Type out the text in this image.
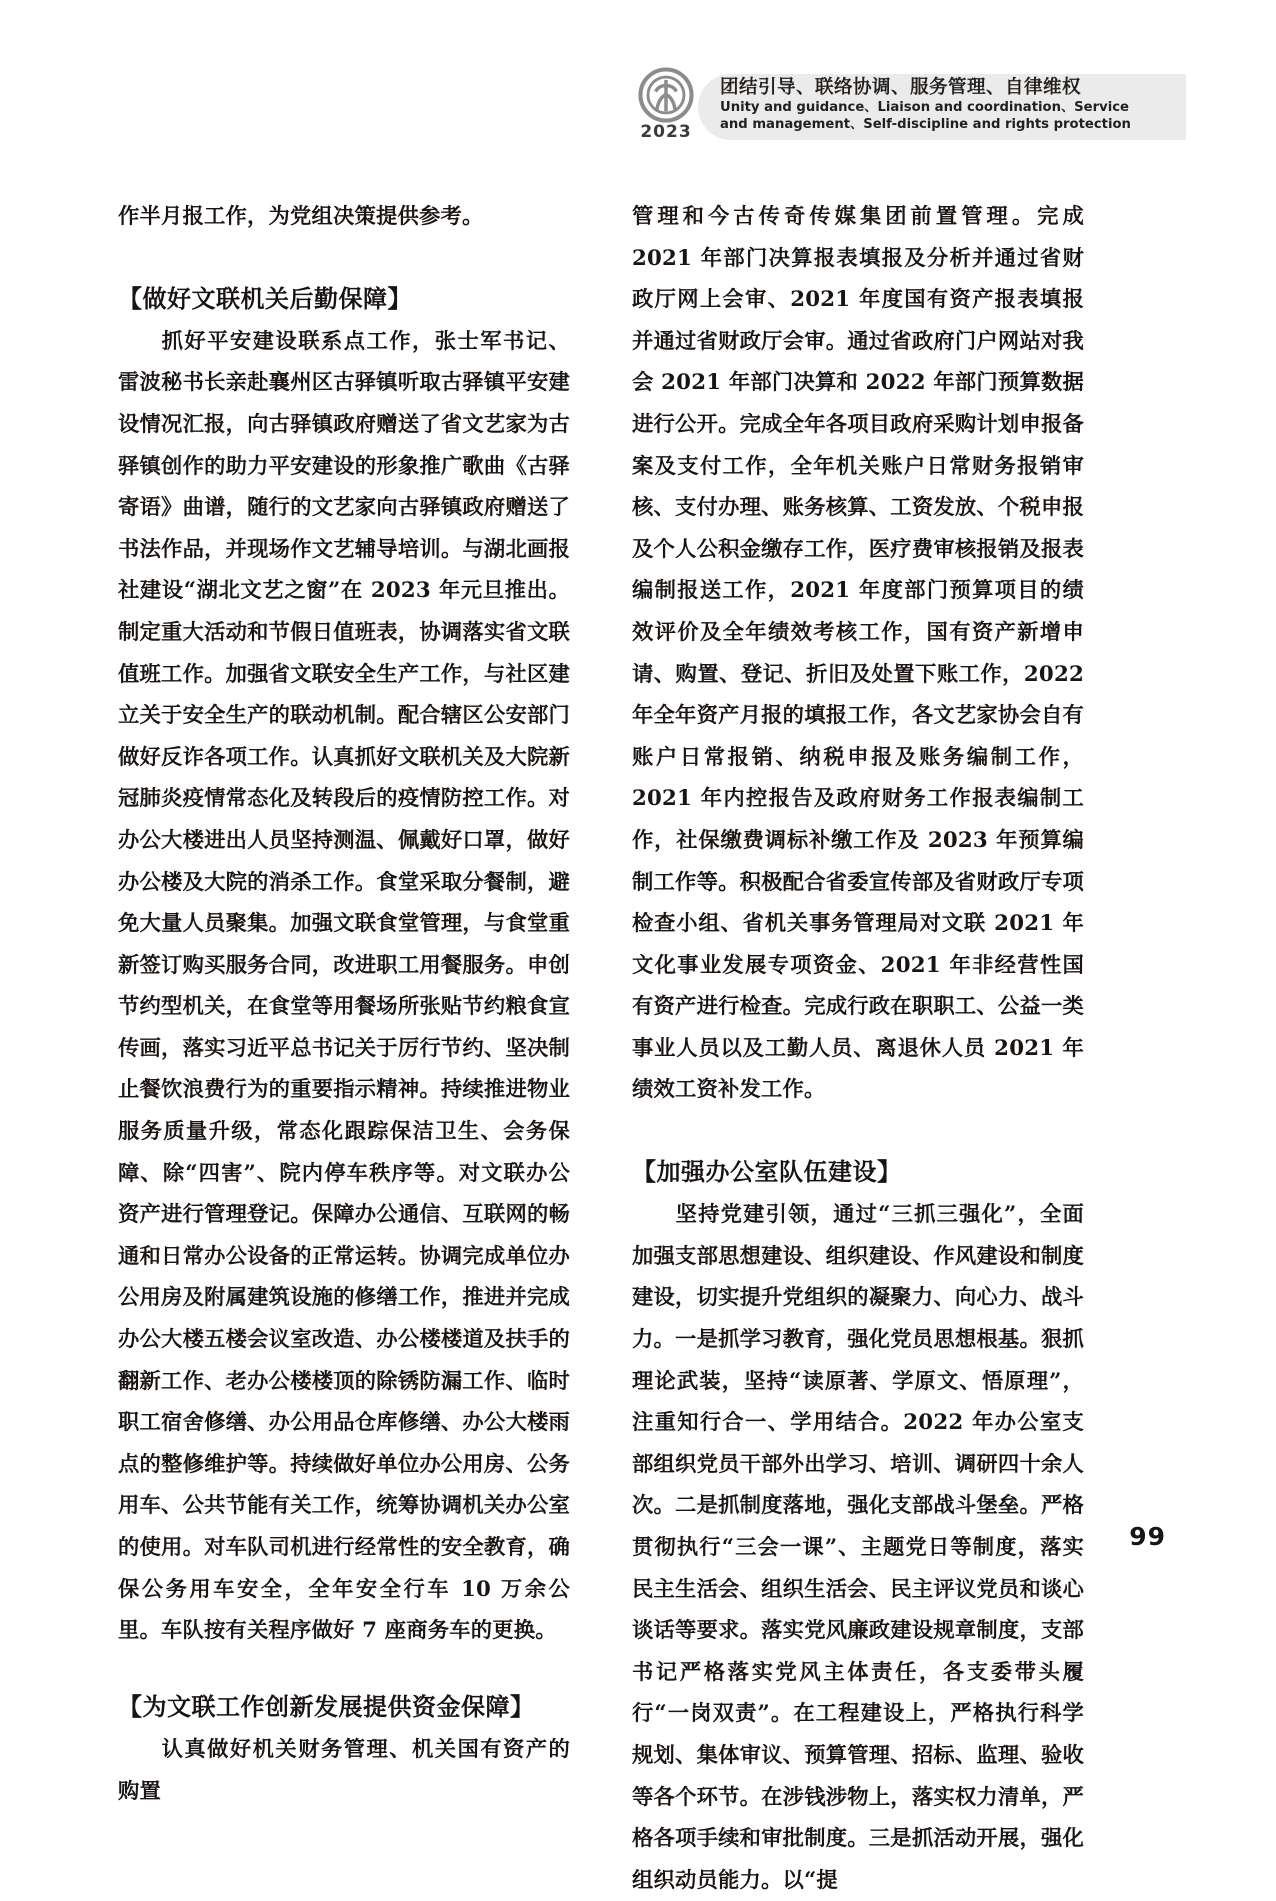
2023
团结引导、联络协调、服务管理、自律维权
Unity and guidance、Liaison and coordination、Service
and management、Self-discipline and rights protection

作半月报工作，为党组决策提供参考。

【做好文联机关后勤保障】

抓好平安建设联系点工作，张士军书记、雷波秘书长亲赴襄州区古驿镇听取古驿镇平安建设情况汇报，向古驿镇政府赠送了省文艺家为古驿镇创作的助力平安建设的形象推广歌曲《古驿寄语》曲谱，随行的文艺家向古驿镇政府赠送了书法作品，并现场作文艺辅导培训。与湖北画报社建设“湖北文艺之窗”在 2023 年元旦推出。制定重大活动和节假日值班表，协调落实省文联值班工作。加强省文联安全生产工作，与社区建立关于安全生产的联动机制。配合辖区公安部门做好反诈各项工作。认真抓好文联机关及大院新冠肺炎疫情常态化及转段后的疫情防控工作。对办公大楼进出人员坚持测温、佩戴好口罩，做好办公楼及大院的消杀工作。食堂采取分餐制，避免大量人员聚集。加强文联食堂管理，与食堂重新签订购买服务合同，改进职工用餐服务。申创节约型机关，在食堂等用餐场所张贴节约粮食宣传画，落实习近平总书记关于厉行节约、坚决制止餐饮浪费行为的重要指示精神。持续推进物业服务质量升级，常态化跟踪保洁卫生、会务保障、除“四害”、院内停车秩序等。对文联办公资产进行管理登记。保障办公通信、互联网的畅通和日常办公设备的正常运转。协调完成单位办公用房及附属建筑设施的修缮工作，推进并完成办公大楼五楼会议室改造、办公楼楼道及扶手的翻新工作、老办公楼楼顶的除锈防漏工作、临时职工宿舍修缮、办公用品仓库修缮、办公大楼雨点的整修维护等。持续做好单位办公用房、公务用车、公共节能有关工作，统筹协调机关办公室的使用。对车队司机进行经常性的安全教育，确保公务用车安全，全年安全行车 10 万余公里。车队按有关程序做好 7 座商务车的更换。

【为文联工作创新发展提供资金保障】

认真做好机关财务管理、机关国有资产的购置

管理和今古传奇传媒集团前置管理。完成 2021 年部门决算报表填报及分析并通过省财政厅网上会审、2021 年度国有资产报表填报并通过省财政厅会审。通过省政府门户网站对我会 2021 年部门决算和 2022 年部门预算数据进行公开。完成全年各项目政府采购计划申报备案及支付工作，全年机关账户日常财务报销审核、支付办理、账务核算、工资发放、个税申报及个人公积金缴存工作，医疗费审核报销及报表编制报送工作，2021 年度部门预算项目的绩效评价及全年绩效考核工作，国有资产新增申请、购置、登记、折旧及处置下账工作，2022 年全年资产月报的填报工作，各文艺家协会自有账户日常报销、纳税申报及账务编制工作，2021 年内控报告及政府财务工作报表编制工作，社保缴费调标补缴工作及 2023 年预算编制工作等。积极配合省委宣传部及省财政厅专项检查小组、省机关事务管理局对文联 2021 年文化事业发展专项资金、2021 年非经营性国有资产进行检查。完成行政在职职工、公益一类事业人员以及工勤人员、离退休人员 2021 年绩效工资补发工作。

【加强办公室队伍建设】

坚持党建引领，通过“三抓三强化”，全面加强支部思想建设、组织建设、作风建设和制度建设，切实提升党组织的凝聚力、向心力、战斗力。一是抓学习教育，强化党员思想根基。狠抓理论武装，坚持“读原著、学原文、悟原理”，注重知行合一、学用结合。2022 年办公室支部组织党员干部外出学习、培训、调研四十余人次。二是抓制度落地，强化支部战斗堡垒。严格贯彻执行“三会一课”、主题党日等制度，落实民主生活会、组织生活会、民主评议党员和谈心谈话等要求。落实党风廉政建设规章制度，支部书记严格落实党风主体责任，各支委带头履行“一岗双责”。在工程建设上，严格执行科学规划、集体审议、预算管理、招标、监理、验收等各个环节。在涉钱涉物上，落实权力清单，严格各项手续和审批制度。三是抓活动开展，强化组织动员能力。以“提

99
